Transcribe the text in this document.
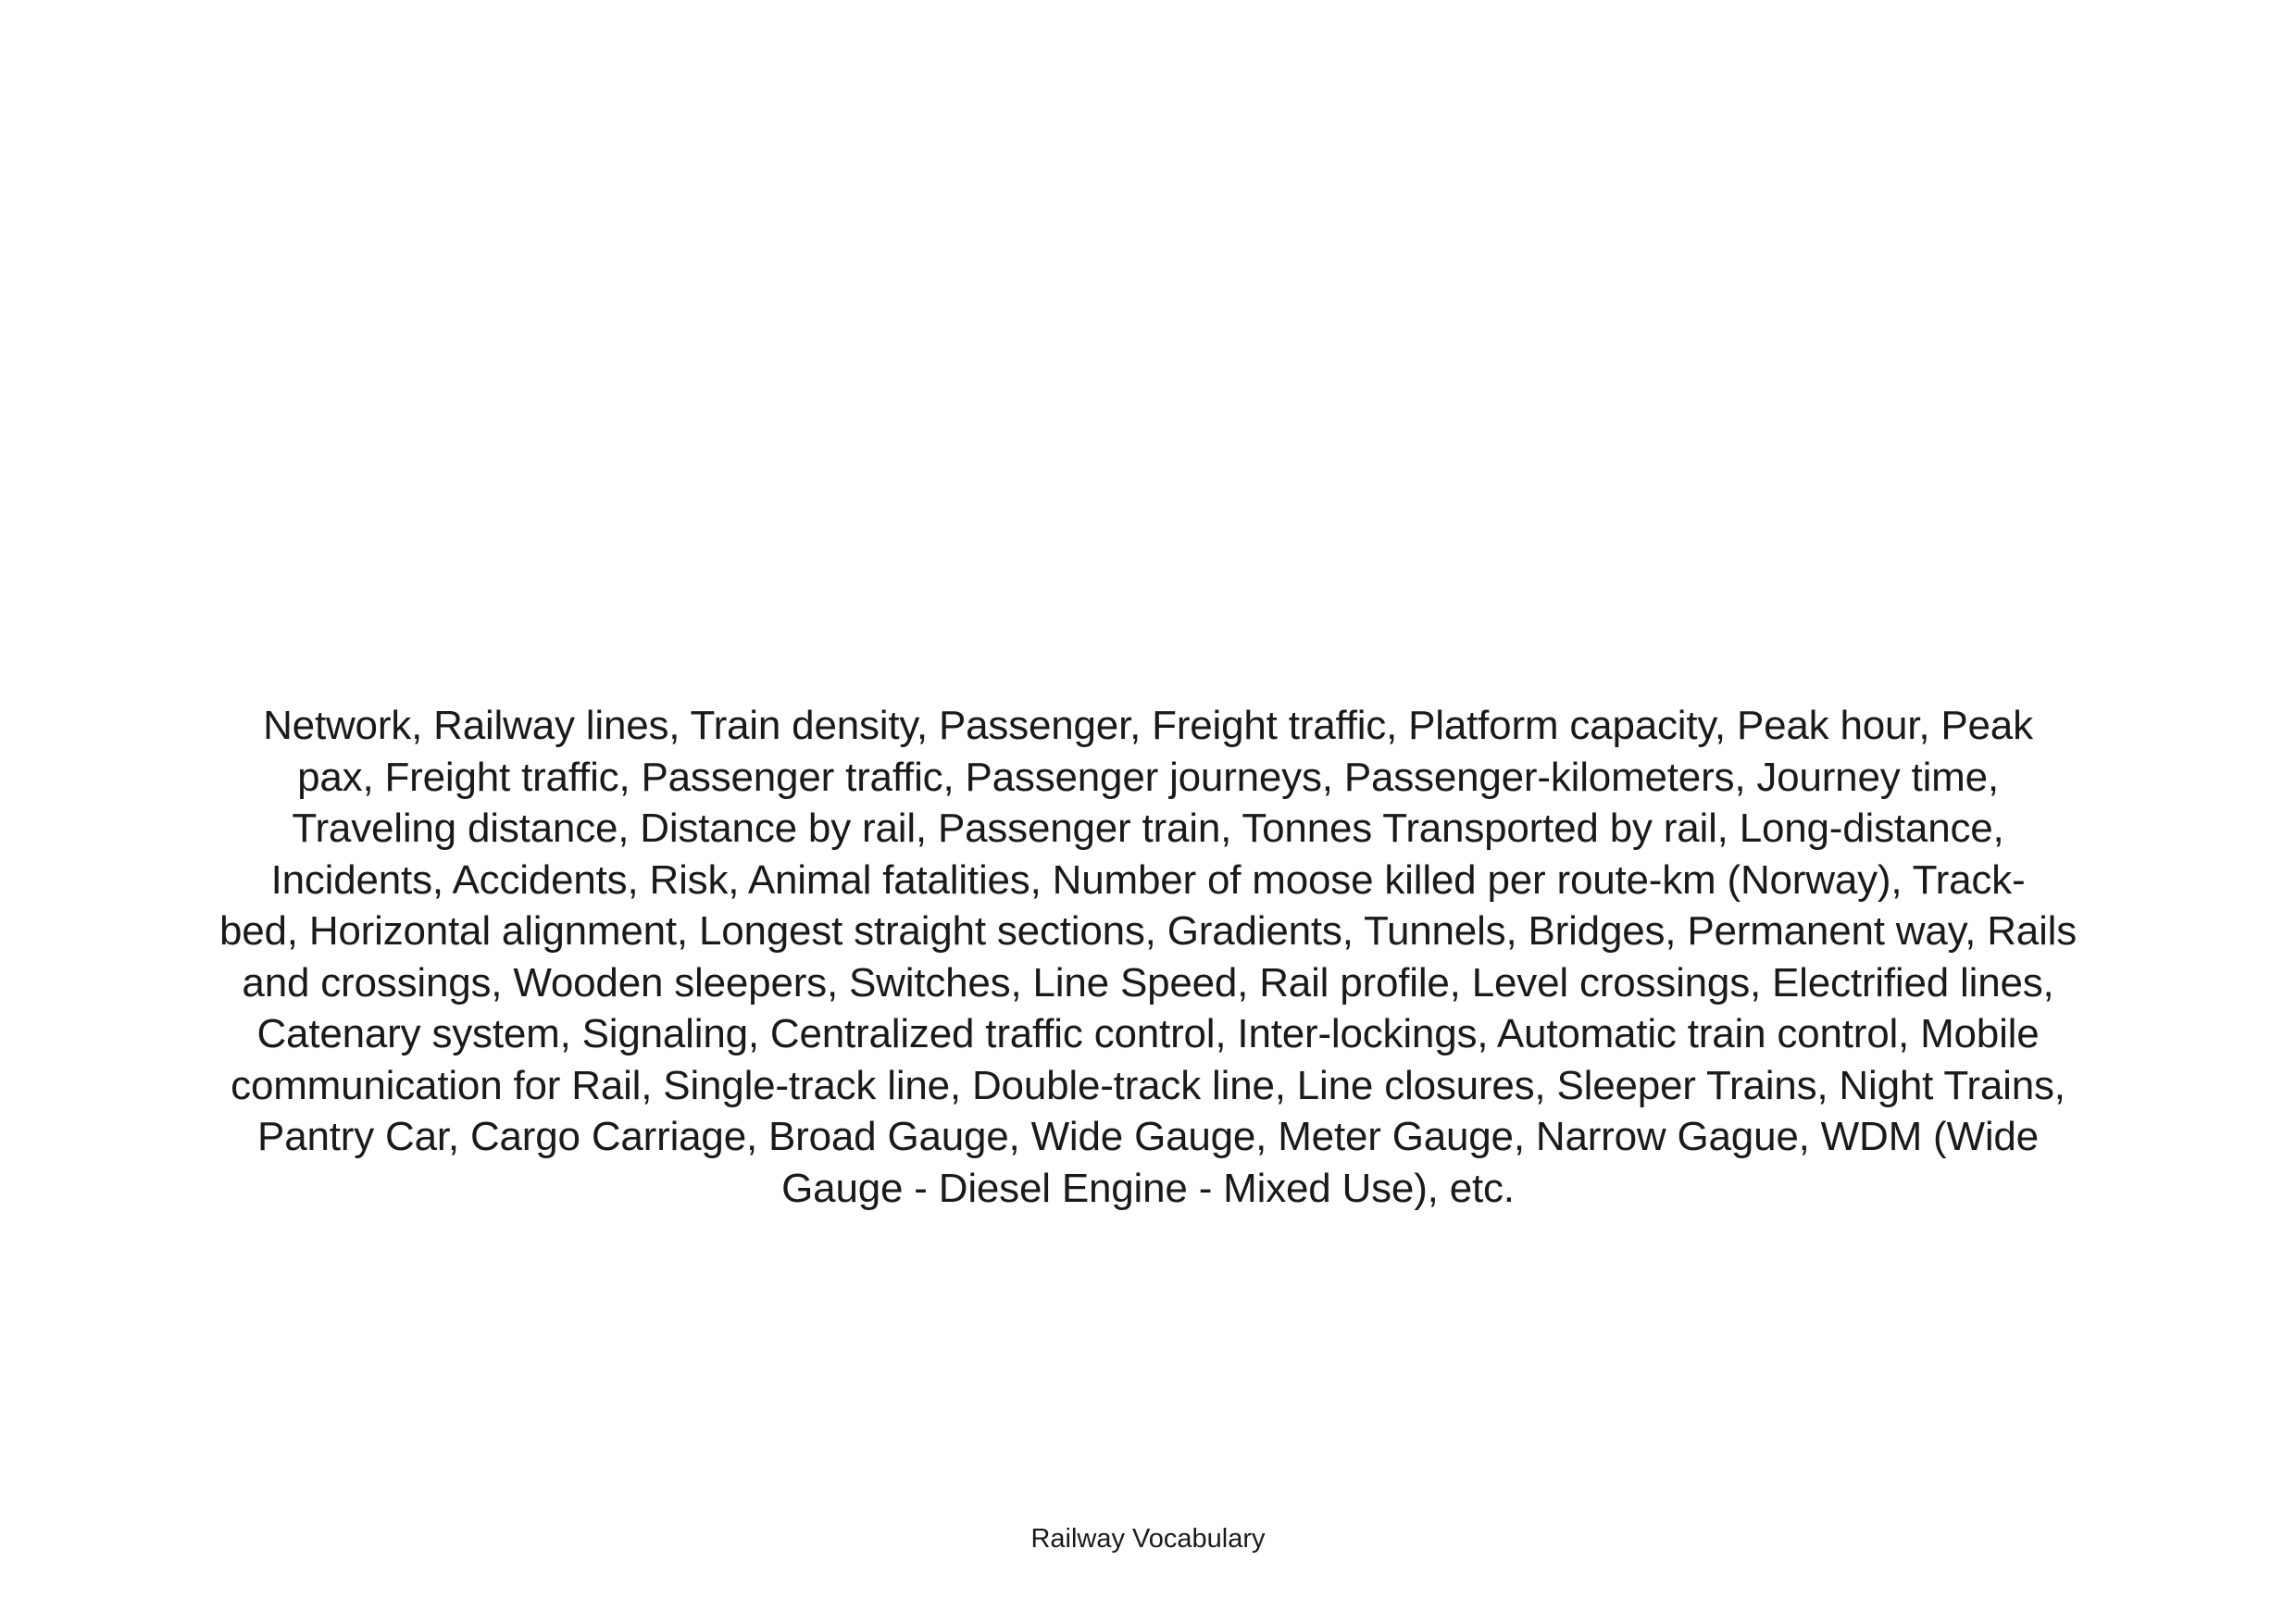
Network, Railway lines, Train density, Passenger, Freight traffic, Platform capacity, Peak hour, Peak
pax, Freight traffic, Passenger traffic, Passenger journeys, Passenger-kilometers, Journey time,
Traveling distance, Distance by rail, Passenger train, Tonnes Transported by rail, Long-distance,
Incidents, Accidents, Risk, Animal fatalities, Number of moose killed per route-km (Norway), Track-
bed, Horizontal alignment, Longest straight sections, Gradients, Tunnels, Bridges, Permanent way, Rails
and crossings, Wooden sleepers, Switches, Line Speed, Rail profile, Level crossings, Electrified lines,
Catenary system, Signaling, Centralized traffic control, Inter-lockings, Automatic train control, Mobile
communication for Rail, Single-track line, Double-track line, Line closures, Sleeper Trains, Night Trains,
Pantry Car, Cargo Carriage, Broad Gauge, Wide Gauge, Meter Gauge, Narrow Gague, WDM (Wide
Gauge - Diesel Engine - Mixed Use), etc.
Railway Vocabulary
